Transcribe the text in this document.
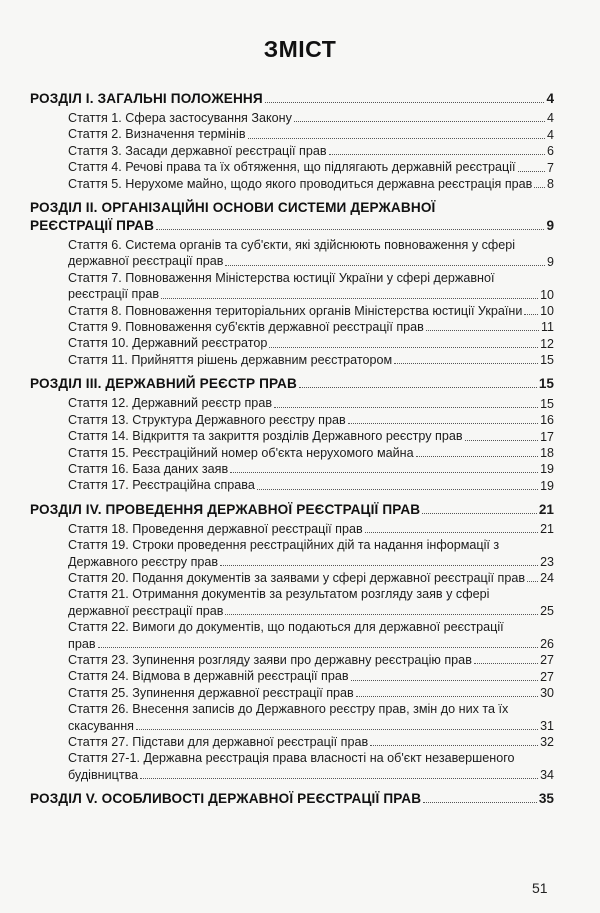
ЗМІСТ
РОЗДІЛ І. ЗАГАЛЬНІ ПОЛОЖЕННЯ	4
Стаття 1. Сфера застосування Закону	4
Стаття 2. Визначення термінів	4
Стаття 3. Засади державної реєстрації прав	6
Стаття 4. Речові права та їх обтяження, що підлягають державній реєстрації	7
Стаття 5. Нерухоме майно, щодо якого проводиться державна реєстрація прав 8
РОЗДІЛ ІІ. ОРГАНІЗАЦІЙНІ ОСНОВИ СИСТЕМИ ДЕРЖАВНОЇ
РЕЄСТРАЦІЇ ПРАВ	9
Стаття 6. Система органів та суб'єкти, які здійснюють повноваження у сфері
державної реєстрації прав	9
Стаття 7. Повноваження Міністерства юстиції України у сфері державної
реєстрації прав	10
Стаття 8. Повноваження територіальних органів Міністерства юстиції України 10
Стаття 9. Повноваження суб'єктів державної реєстрації прав	11
Стаття 10. Державний реєстратор	12
Стаття 11. Прийняття рішень державним реєстратором	15
РОЗДІЛ ІІІ. ДЕРЖАВНИЙ РЕЄСТР ПРАВ	15
Стаття 12. Державний реєстр прав	15
Стаття 13. Структура Державного реєстру прав	16
Стаття 14. Відкриття та закриття розділів Державного реєстру прав	17
Стаття 15. Реєстраційний номер об'єкта нерухомого майна	18
Стаття 16. База даних заяв	19
Стаття 17. Реєстраційна справа	19
РОЗДІЛ IV. ПРОВЕДЕННЯ ДЕРЖАВНОЇ РЕЄСТРАЦІЇ ПРАВ	21
Стаття 18. Проведення державної реєстрації прав	21
Стаття 19. Строки проведення реєстраційних дій та надання інформації з
Державного реєстру прав	23
Стаття 20. Подання документів за заявами у сфері державної реєстрації прав 24
Стаття 21. Отримання документів за результатом розгляду заяв у сфері
державної реєстрації прав	25
Стаття 22. Вимоги до документів, що подаються для державної реєстрації
прав	26
Стаття 23. Зупинення розгляду заяви про державну реєстрацію прав	27
Стаття 24. Відмова в державній реєстрації прав	27
Стаття 25. Зупинення державної реєстрації прав	30
Стаття 26. Внесення записів до Державного реєстру прав, змін до них та їх
скасування	31
Стаття 27. Підстави для державної реєстрації прав	32
Стаття 27-1. Державна реєстрація права власності на об'єкт незавершеного
будівництва	34
РОЗДІЛ V. ОСОБЛИВОСТІ ДЕРЖАВНОЇ РЕЄСТРАЦІЇ ПРАВ	35
51
